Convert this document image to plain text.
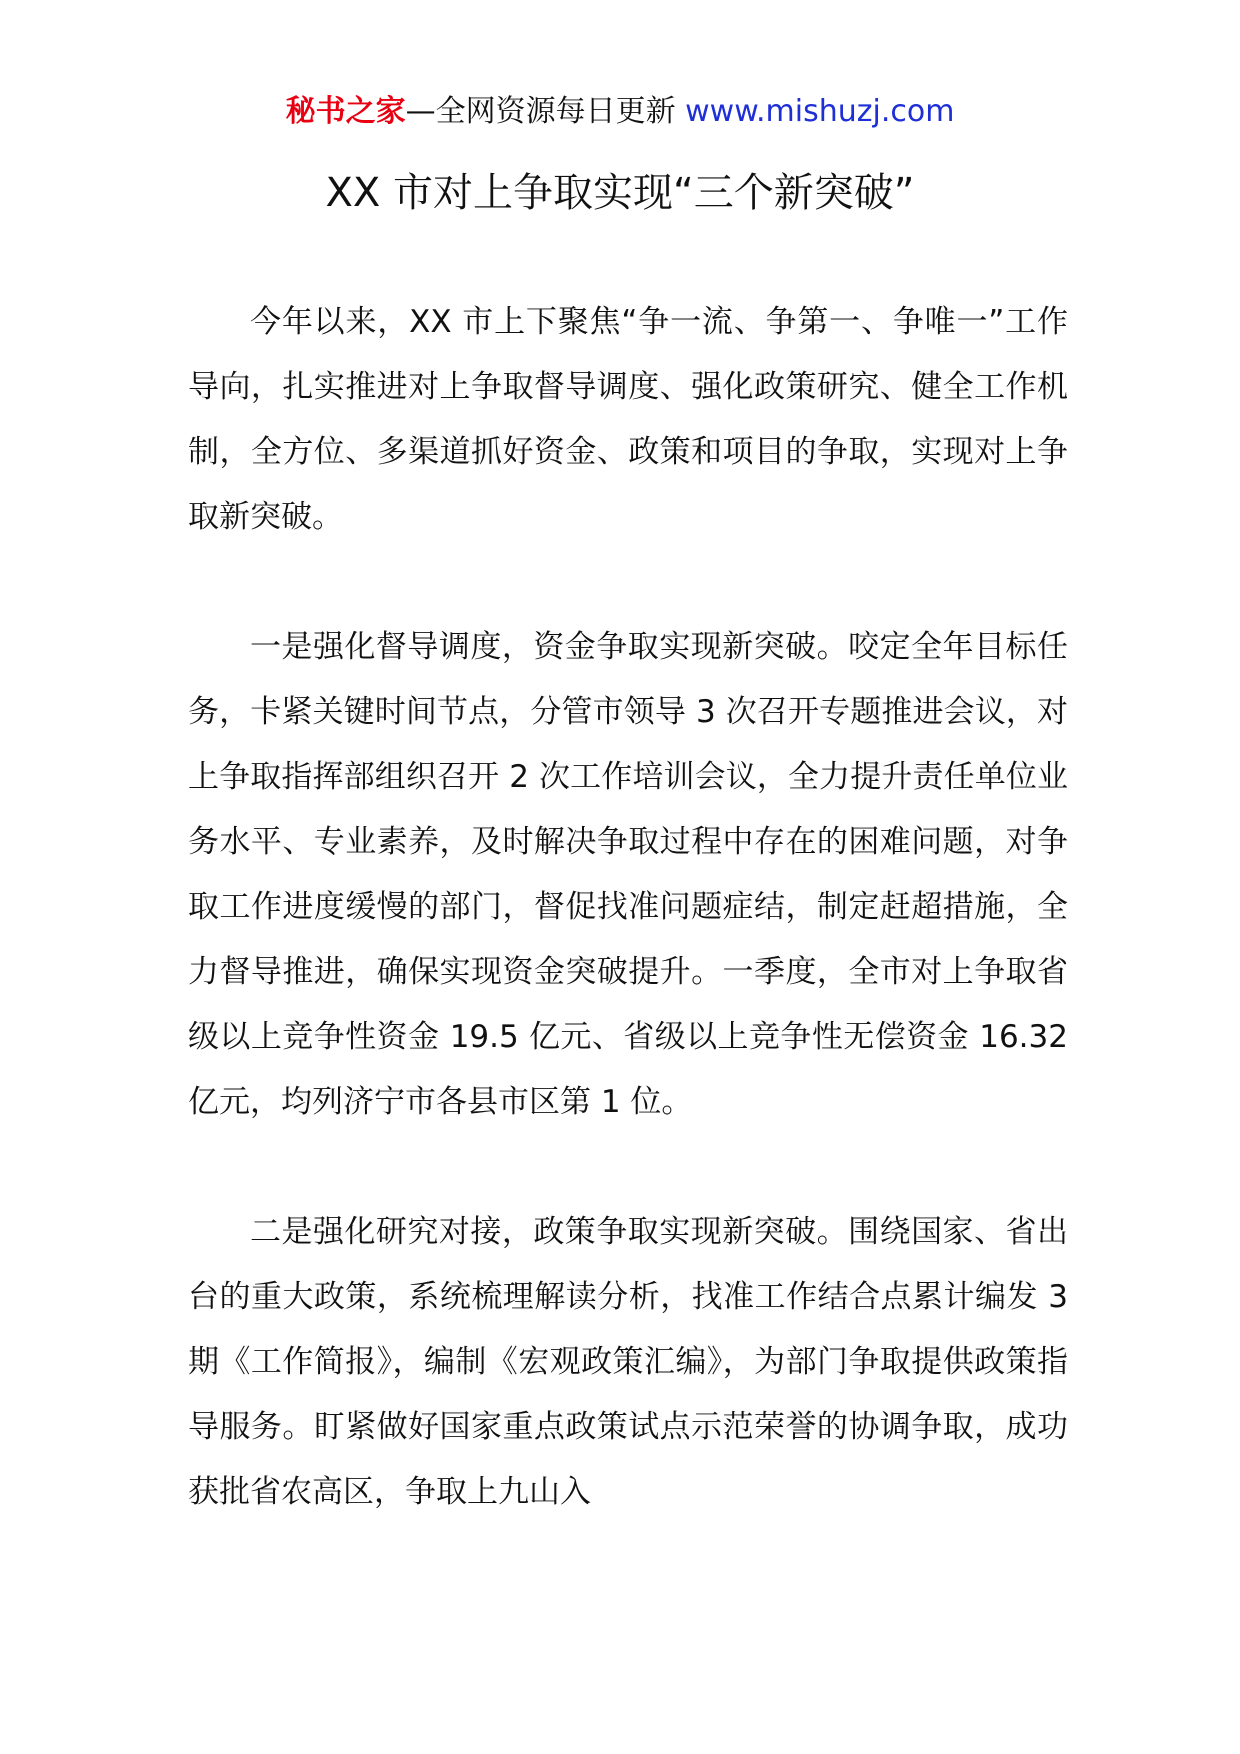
秘书之家—全网资源每日更新 www.mishuzj.com
XX 市对上争取实现“三个新突破”

今年以来，XX 市上下聚焦“争一流、争第一、争唯一”工作导向，扎实推进对上争取督导调度、强化政策研究、健全工作机制，全方位、多渠道抓好资金、政策和项目的争取，实现对上争取新突破。

一是强化督导调度，资金争取实现新突破。咬定全年目标任务，卡紧关键时间节点，分管市领导 3 次召开专题推进会议，对上争取指挥部组织召开 2 次工作培训会议，全力提升责任单位业务水平、专业素养，及时解决争取过程中存在的困难问题，对争取工作进度缓慢的部门，督促找准问题症结，制定赶超措施，全力督导推进，确保实现资金突破提升。一季度，全市对上争取省级以上竞争性资金 19.5 亿元、省级以上竞争性无偿资金 16.32 亿元，均列济宁市各县市区第 1 位。

二是强化研究对接，政策争取实现新突破。围绕国家、省出台的重大政策，系统梳理解读分析，找准工作结合点累计编发 3 期《工作简报》，编制《宏观政策汇编》，为部门争取提供政策指导服务。盯紧做好国家重点政策试点示范荣誉的协调争取，成功获批省农高区，争取上九山入
